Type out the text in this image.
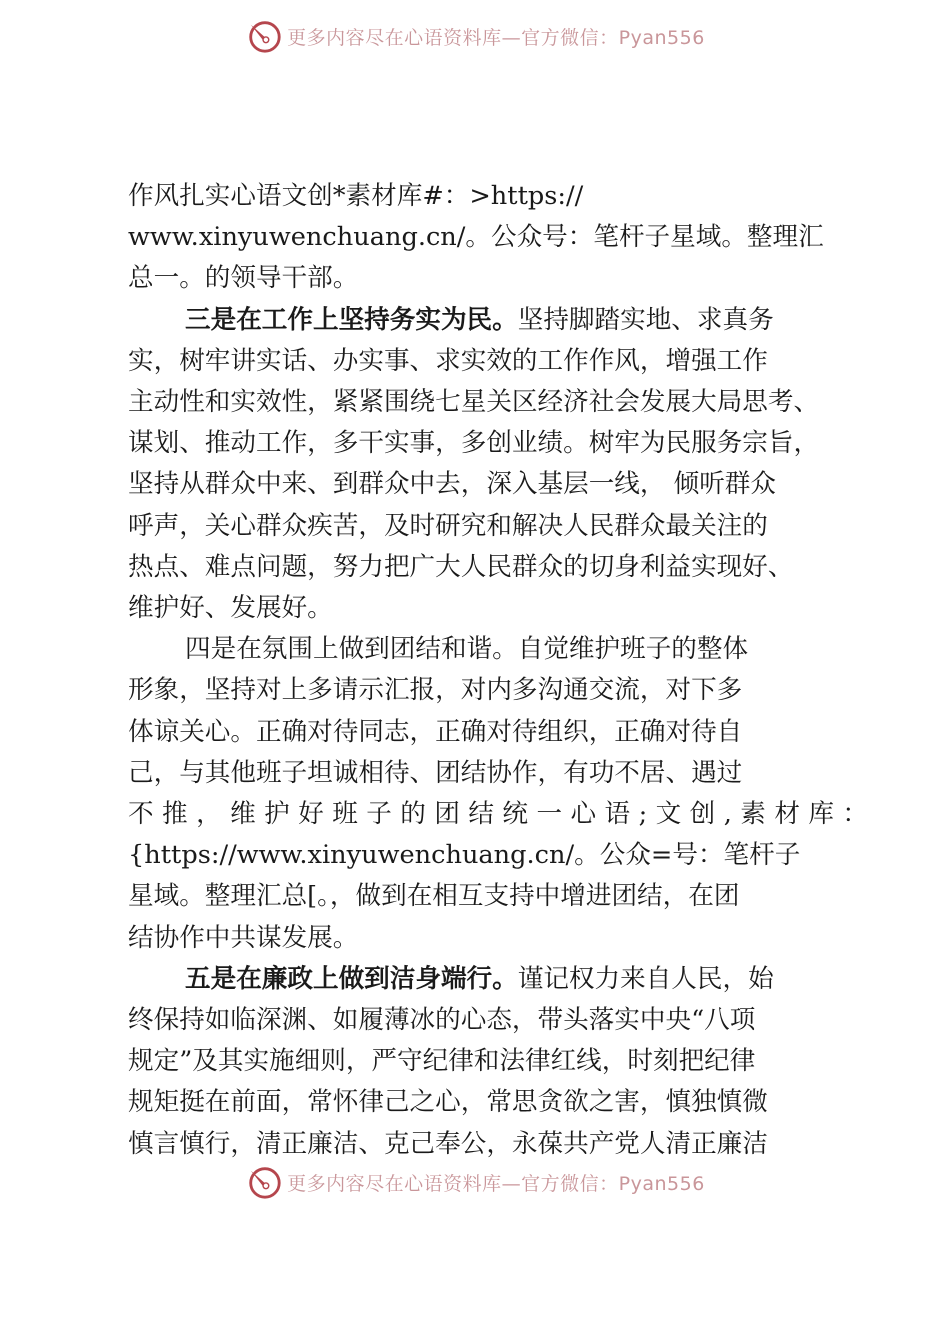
更多内容尽在心语资料库—官方微信：Pyan556
作风扎实心语文创*素材库#：>https://
www.xinyuwenchuang.cn/。公众号：笔杆子星域。整理汇
总一。的领导干部。
三是在工作上坚持务实为民。坚持脚踏实地、求真务
实，树牢讲实话、办实事、求实效的工作作风，增强工作
主动性和实效性，紧紧围绕七星关区经济社会发展大局思考、
谋划、推动工作，多干实事，多创业绩。树牢为民服务宗旨，
坚持从群众中来、到群众中去，深入基层一线， 倾听群众
呼声，关心群众疾苦，及时研究和解决人民群众最关注的
热点、难点问题，努力把广大人民群众的切身利益实现好、
维护好、发展好。
四是在氛围上做到团结和谐。自觉维护班子的整体
形象，坚持对上多请示汇报，对内多沟通交流，对下多
体谅关心。正确对待同志，正确对待组织，正确对待自
己，与其他班子坦诚相待、团结协作，有功不居、遇过
不推，维护好班子的团结统一心语;文创,素材库：
{https://www.xinyuwenchuang.cn/。公众=号：笔杆子
星域。整理汇总[。，做到在相互支持中增进团结，在团
结协作中共谋发展。
五是在廉政上做到洁身端行。谨记权力来自人民，始
终保持如临深渊、如履薄冰的心态，带头落实中央“八项
规定”及其实施细则，严守纪律和法律红线，时刻把纪律
规矩挺在前面，常怀律己之心，常思贪欲之害，慎独慎微
慎言慎行，清正廉洁、克己奉公，永葆共产党人清正廉洁
更多内容尽在心语资料库—官方微信：Pyan556
